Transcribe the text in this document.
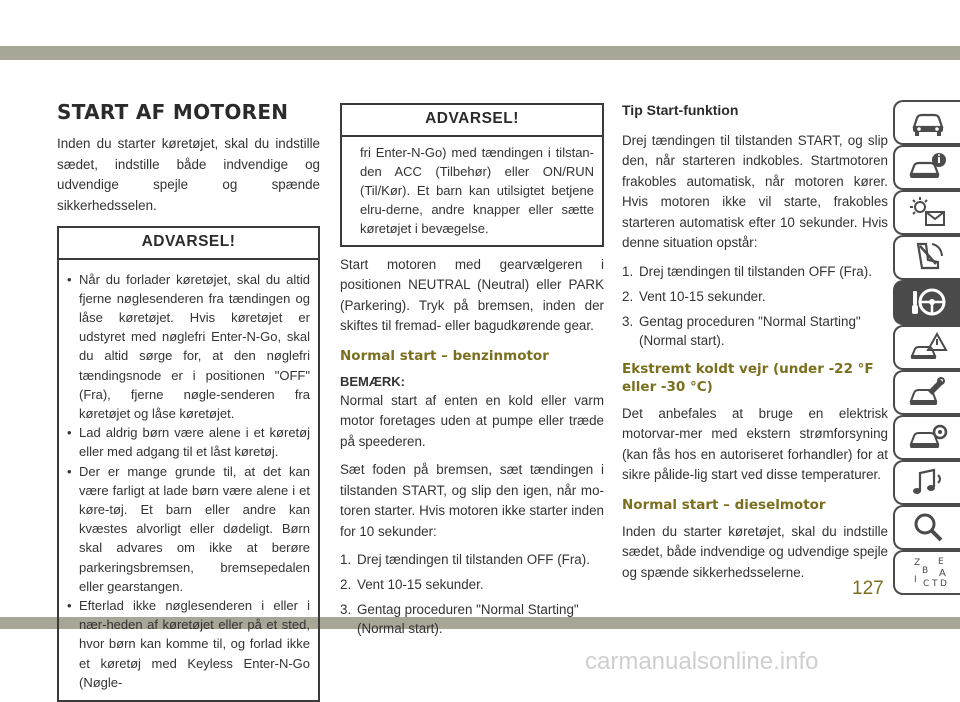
START AF MOTOREN

Inden du starter køretøjet, skal du indstille sædet, indstille både indvendige og udvendige spejle og spænde sikkerhedsselen.

ADVARSEL!
• Når du forlader køretøjet, skal du altid fjerne nøglesenderen fra tændingen og låse køretøjet. Hvis køretøjet er udstyret med nøglefri Enter-N-Go, skal du altid sørge for, at den nøglefri tændingsnode er i positionen "OFF" (Fra), fjerne nøgle-senderen fra køretøjet og låse køretøjet.
• Lad aldrig børn være alene i et køretøj eller med adgang til et låst køretøj.
• Der er mange grunde til, at det kan være farligt at lade børn være alene i et køre-tøj. Et barn eller andre kan kvæstes alvorligt eller dødeligt. Børn skal advares om ikke at berøre parkeringsbremsen, bremsepedalen eller gearstangen.
• Efterlad ikke nøglesenderen i eller i nær-heden af køretøjet eller på et sted, hvor børn kan komme til, og forlad ikke et køretøj med Keyless Enter-N-Go (Nøgle-
ADVARSEL!
fri Enter-N-Go) med tændingen i tilstan-den ACC (Tilbehør) eller ON/RUN (Til/Kør). Et barn kan utilsigtet betjene elru-derne, andre knapper eller sætte køretøjet i bevægelse.

Start motoren med gearvælgeren i positionen NEUTRAL (Neutral) eller PARK (Parkering). Tryk på bremsen, inden der skiftes til fremad- eller bagudkørende gear.

Normal start – benzinmotor
BEMÆRK:

Normal start af enten en kold eller varm motor foretages uden at pumpe eller træde på speederen.

Sæt foden på bremsen, sæt tændingen i tilstanden START, og slip den igen, når mo-toren starter. Hvis motoren ikke starter inden for 10 sekunder:

1. Drej tændingen til tilstanden OFF (Fra).
2. Vent 10-15 sekunder.
3. Gentag proceduren "Normal Starting" (Normal start).
Tip Start-funktion

Drej tændingen til tilstanden START, og slip den, når starteren indkobles. Startmotoren frakobles automatisk, når motoren kører. Hvis motoren ikke vil starte, frakobles starteren automatisk efter 10 sekunder. Hvis denne situation opstår:

1. Drej tændingen til tilstanden OFF (Fra).
2. Vent 10-15 sekunder.
3. Gentag proceduren "Normal Starting" (Normal start).
Ekstremt koldt vejr (under -22 °F eller -30 °C)

Det anbefales at bruge en elektrisk motorvar-mer med ekstern strømforsyning (kan fås hos en autoriseret forhandler) for at sikre pålide-lig start ved disse temperaturer.

Normal start – dieselmotor

Inden du starter køretøjet, skal du indstille sædet, både indvendige og udvendige spejle og spænde sikkerhedsselerne.

Z E
B A
I C T D
127
carmanualsonline.info
